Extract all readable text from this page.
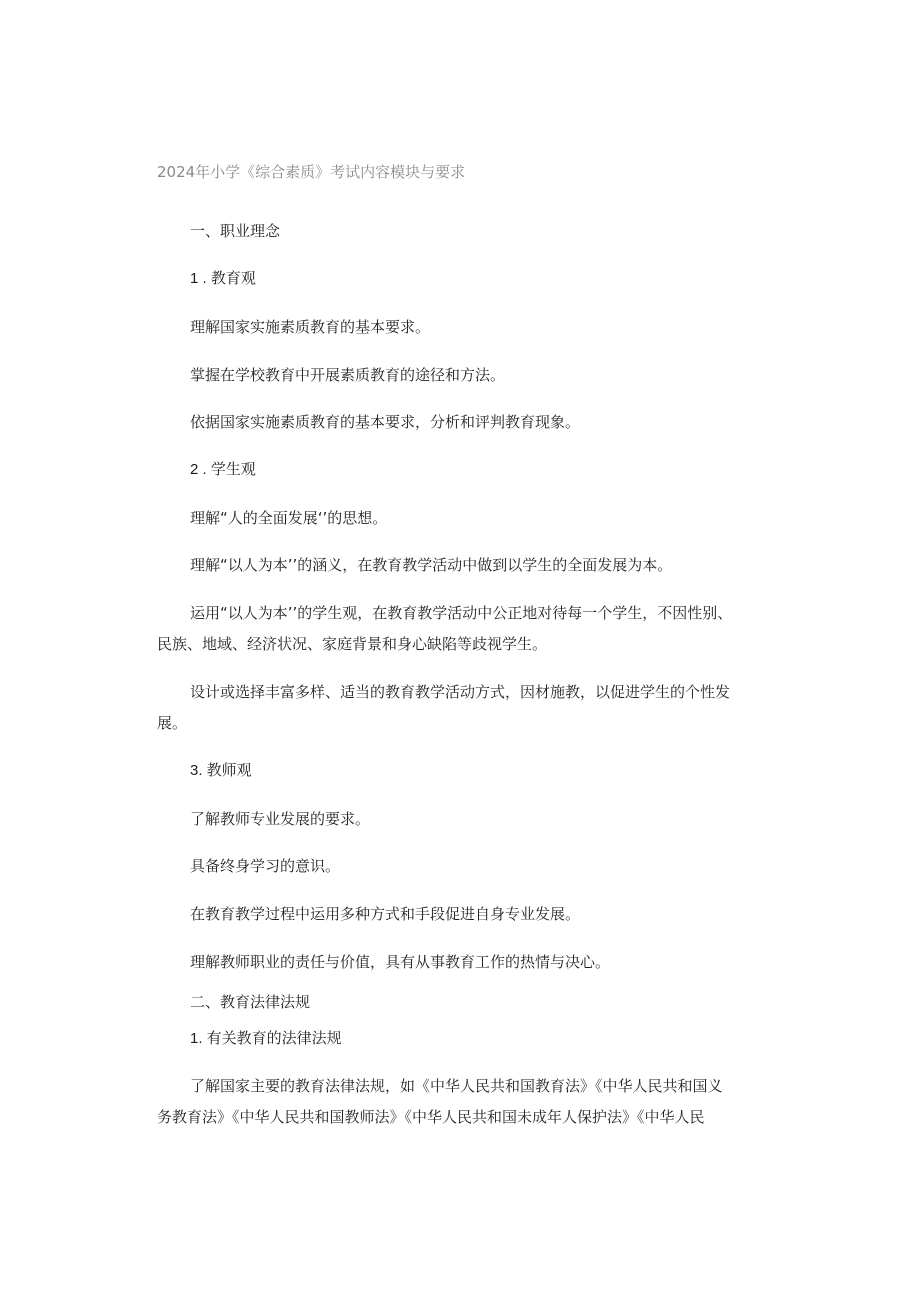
2024年小学《综合素质》考试内容模块与要求
一、职业理念
1 . 教育观
理解国家实施素质教育的基本要求。
掌握在学校教育中开展素质教育的途径和方法。
依据国家实施素质教育的基本要求，分析和评判教育现象。
2 . 学生观
理解“人的全面发展‘’的思想。
理解“以人为本’’的涵义，在教育教学活动中做到以学生的全面发展为本。
运用“以人为本’’的学生观，在教育教学活动中公正地对待每一个学生，不因性别、
民族、地域、经济状况、家庭背景和身心缺陷等歧视学生。
设计或选择丰富多样、适当的教育教学活动方式，因材施教，以促进学生的个性发
展。
3. 教师观
了解教师专业发展的要求。
具备终身学习的意识。
在教育教学过程中运用多种方式和手段促进自身专业发展。
理解教师职业的责任与价值，具有从事教育工作的热情与决心。
二、教育法律法规
1. 有关教育的法律法规
了解国家主要的教育法律法规，如《中华人民共和国教育法》《中华人民共和国义
务教育法》《中华人民共和国教师法》《中华人民共和国未成年人保护法》《中华人民
